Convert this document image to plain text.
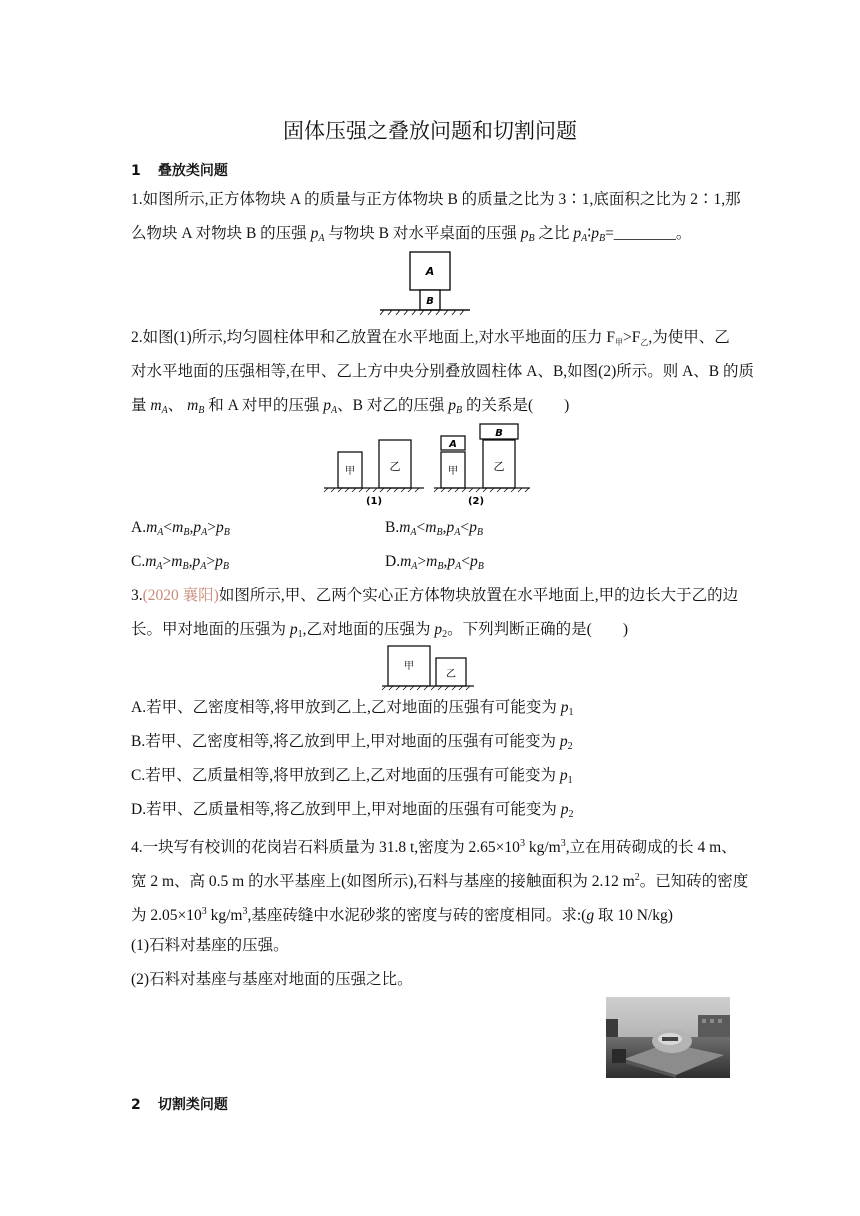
固体压强之叠放问题和切割问题
1 叠放类问题
1.如图所示,正方体物块 A 的质量与正方体物块 B 的质量之比为 3∶1,底面积之比为 2∶1,那
么物块 A 对物块 B 的压强 $p_A$ 与物块 B 对水平桌面的压强 $p_B$ 之比 $p_A∶p_B=\_\_\_\_\_\_\_\_$。
A
B
2.如图(1)所示,均匀圆柱体甲和乙放置在水平地面上,对水平地面的压力 $F_甲>F_乙$,为使甲、乙
对水平地面的压强相等,在甲、乙上方中央分别叠放圆柱体 A、B,如图(2)所示。则 A、B 的质
量 $m_A$、 $m_B$ 和 A 对甲的压强 $p_A$、B 对乙的压强 $p_B$ 的关系是(　　)
甲	乙
(1)
A
甲
B
乙
(2)
$A.m_A<m_B,p_A>p_B$	$B.m_A<m_B,p_A<p_B$
$C.m_A>m_B,p_A>p_B$	$D.m_A>m_B,p_A<p_B$
3.(2020 襄阳)如图所示,甲、乙两个实心正方体物块放置在水平地面上,甲的边长大于乙的边
长。甲对地面的压强为 $p_1$,乙对地面的压强为 $p_2$。下列判断正确的是(　　)
甲
乙
A.若甲、乙密度相等,将甲放到乙上,乙对地面的压强有可能变为 $p_1$
B.若甲、乙密度相等,将乙放到甲上,甲对地面的压强有可能变为 $p_2$
C.若甲、乙质量相等,将甲放到乙上,乙对地面的压强有可能变为 $p_1$
D.若甲、乙质量相等,将乙放到甲上,甲对地面的压强有可能变为 $p_2$
4.一块写有校训的花岗岩石料质量为 31.8 t,密度为 $2.65\times 10^3$ $kg/m^3$,立在用砖砌成的长 4 m、
宽 2 m、高 0.5 m 的水平基座上(如图所示),石料与基座的接触面积为 2.12 $m^2$。已知砖的密度
为 $2.05\times 10^3$ $kg/m^3$,基座砖缝中水泥砂浆的密度与砖的密度相同。求:(g 取 10 N/kg)
(1)石料对基座的压强。
(2)石料对基座与基座对地面的压强之比。
2 切割类问题
